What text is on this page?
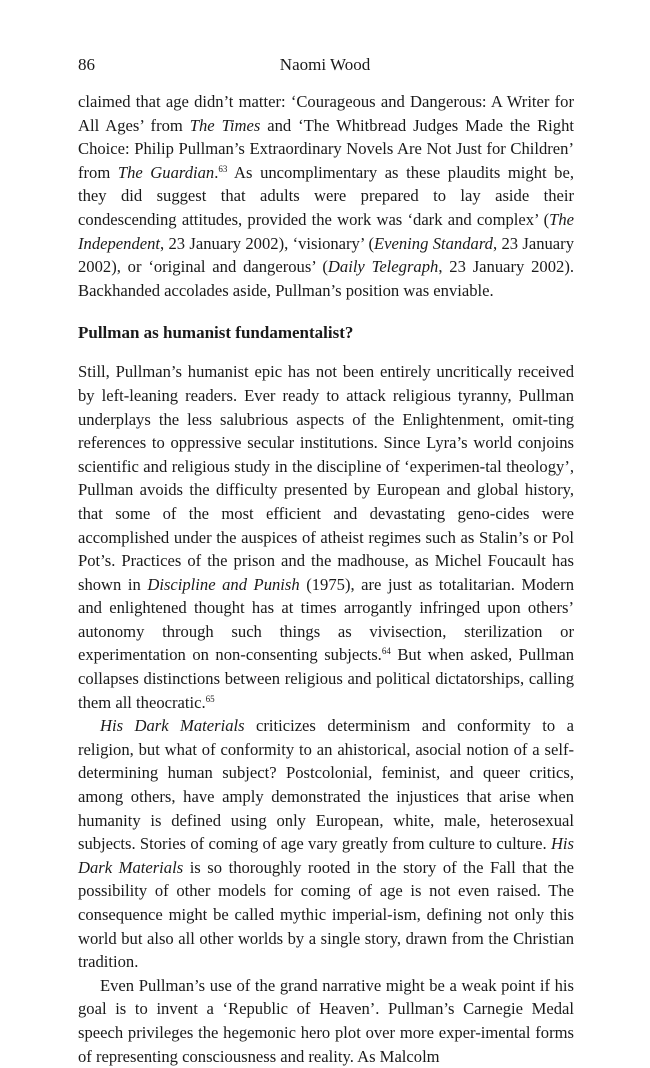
86	Naomi Wood

claimed that age didn’t matter: ‘Courageous and Dangerous: A Writer for All Ages’ from The Times and ‘The Whitbread Judges Made the Right Choice: Philip Pullman’s Extraordinary Novels Are Not Just for Children’ from The Guardian.$^{63}$ As uncomplimentary as these plaudits might be, they did suggest that adults were prepared to lay aside their condescending attitudes, provided the work was ‘dark and complex’ (The Independent, 23 January 2002), ‘visionary’ (Evening Standard, 23 January 2002), or ‘original and dangerous’ (Daily Telegraph, 23 January 2002). Backhanded accolades aside, Pullman’s position was enviable.

Pullman as humanist fundamentalist?

Still, Pullman’s humanist epic has not been entirely uncritically received by left-leaning readers. Ever ready to attack religious tyranny, Pullman underplays the less salubrious aspects of the Enlightenment, omit-ting references to oppressive secular institutions. Since Lyra’s world conjoins scientific and religious study in the discipline of ‘experimen-tal theology’, Pullman avoids the difficulty presented by European and global history, that some of the most efficient and devastating geno-cides were accomplished under the auspices of atheist regimes such as Stalin’s or Pol Pot’s. Practices of the prison and the madhouse, as Michel Foucault has shown in Discipline and Punish (1975), are just as totalitarian. Modern and enlightened thought has at times arrogantly infringed upon others’ autonomy through such things as vivisection, sterilization or experimentation on non-consenting subjects.$^{64}$ But when asked, Pullman collapses distinctions between religious and political dictatorships, calling them all theocratic.$^{65}$

His Dark Materials criticizes determinism and conformity to a religion, but what of conformity to an ahistorical, asocial notion of a self-determining human subject? Postcolonial, feminist, and queer critics, among others, have amply demonstrated the injustices that arise when humanity is defined using only European, white, male, heterosexual subjects. Stories of coming of age vary greatly from culture to culture. His Dark Materials is so thoroughly rooted in the story of the Fall that the possibility of other models for coming of age is not even raised. The consequence might be called mythic imperial-ism, defining not only this world but also all other worlds by a single story, drawn from the Christian tradition.

Even Pullman’s use of the grand narrative might be a weak point if his goal is to invent a ‘Republic of Heaven’. Pullman’s Carnegie Medal speech privileges the hegemonic hero plot over more exper-imental forms of representing consciousness and reality. As Malcolm
